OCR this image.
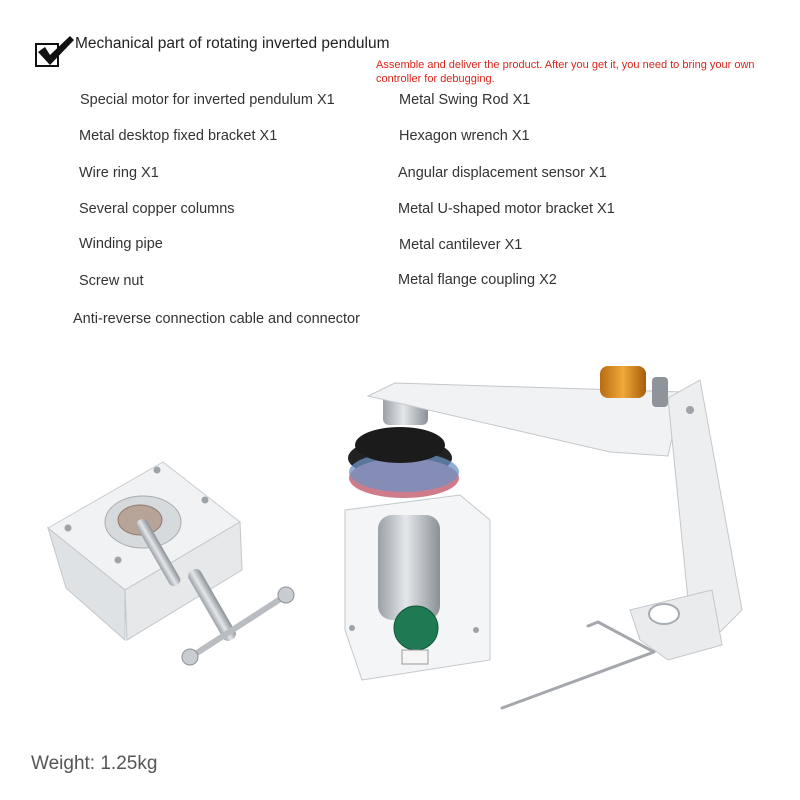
Mechanical part of rotating inverted pendulum
Assemble and deliver the product. After you get it, you need to bring your own controller for debugging.
Special motor for inverted pendulum X1
Metal desktop fixed bracket X1
Wire ring X1
Several copper columns
Winding pipe
Screw nut
Anti-reverse connection cable and connector
Metal Swing Rod X1
Hexagon wrench X1
Angular displacement sensor X1
Metal U-shaped motor bracket X1
Metal cantilever X1
Metal flange coupling X2
Weight: 1.25kg
